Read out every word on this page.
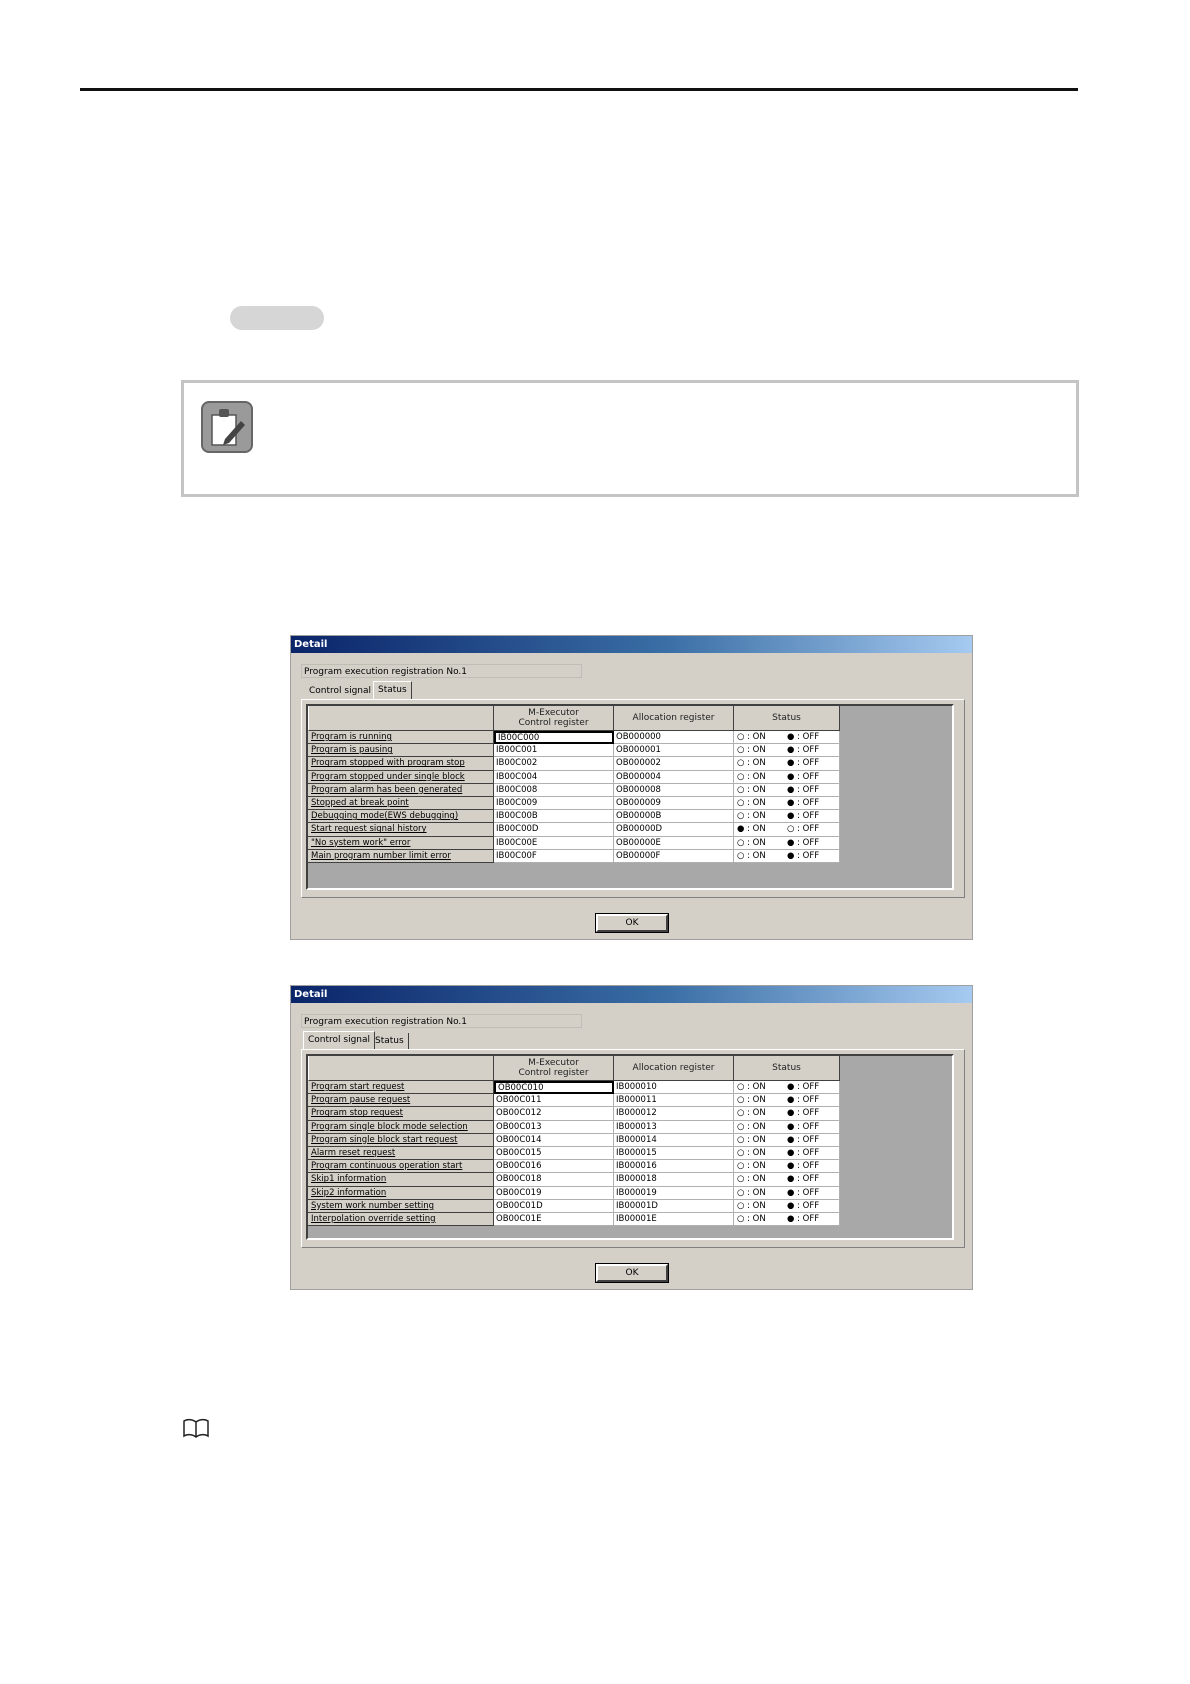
Detail
Program execution registration No.1
Control signal Status
M-Executor
Control register	Allocation register	Status
Program is running	IB00C000	OB000000	○ : ON	● : OFF
Program is pausing	IB00C001	OB000001	○ : ON	● : OFF
Program stopped with program stop	IB00C002	OB000002	○ : ON	● : OFF
Program stopped under single block	IB00C004	OB000004	○ : ON	● : OFF
Program alarm has been generated	IB00C008	OB000008	○ : ON	● : OFF
Stopped at break point	IB00C009	OB000009	○ : ON	● : OFF
Debugging mode(EWS debugging)	IB00C00B	OB00000B	○ : ON	● : OFF
Start request signal history	IB00C00D	OB00000D	● : ON	○ : OFF
"No system work" error	IB00C00E	OB00000E	○ : ON	● : OFF
Main program number limit error	IB00C00F	OB00000F	○ : ON	● : OFF
OK
Detail
Program execution registration No.1
Control signal Status
M-Executor
Control register	Allocation register	Status
Program start request	OB00C010	IB000010	○ : ON	● : OFF
Program pause request	OB00C011	IB000011	○ : ON	● : OFF
Program stop request	OB00C012	IB000012	○ : ON	● : OFF
Program single block mode selection	OB00C013	IB000013	○ : ON	● : OFF
Program single block start request	OB00C014	IB000014	○ : ON	● : OFF
Alarm reset request	OB00C015	IB000015	○ : ON	● : OFF
Program continuous operation start	OB00C016	IB000016	○ : ON	● : OFF
Skip1 information	OB00C018	IB000018	○ : ON	● : OFF
Skip2 information	OB00C019	IB000019	○ : ON	● : OFF
System work number setting	OB00C01D	IB00001D	○ : ON	● : OFF
Interpolation override setting	OB00C01E	IB00001E	○ : ON	● : OFF
OK
